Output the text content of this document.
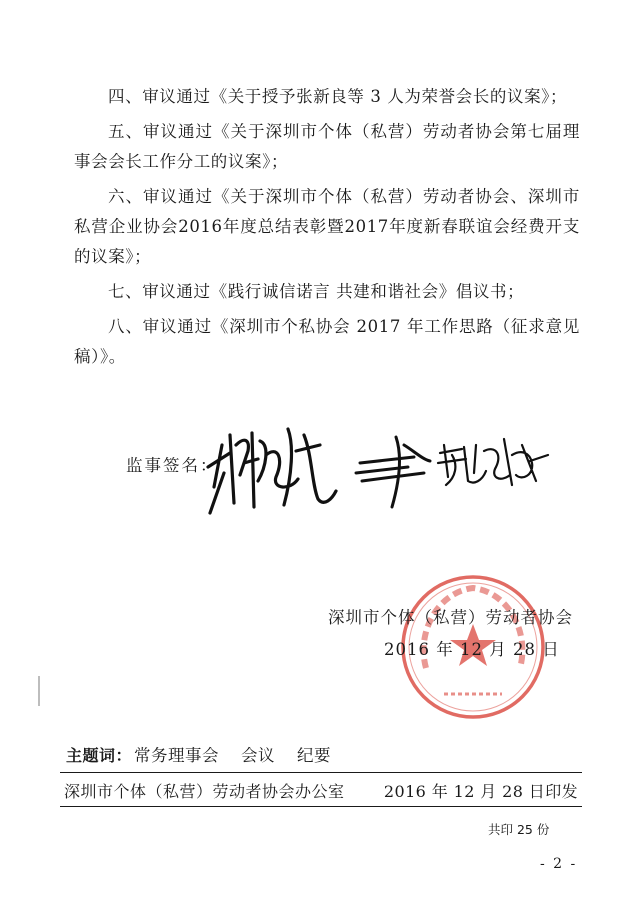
四、审议通过《关于授予张新良等 3 人为荣誉会长的议案》；

五、审议通过《关于深圳市个体（私营）劳动者协会第七届理事会会长工作分工的议案》；

六、审议通过《关于深圳市个体（私营）劳动者协会、深圳市私营企业协会2016年度总结表彰暨2017年度新春联谊会经费开支的议案》；

七、审议通过《践行诚信诺言 共建和谐社会》倡议书；

八、审议通过《深圳市个私协会 2017 年工作思路（征求意见稿）》。

监事签名：
深圳市个体（私营）劳动者协会
2016 年 12 月 28 日
主题词： 常务理事会 会议 纪要
深圳市个体（私营）劳动者协会办公室 2016 年 12 月 28 日印发
共印 25 份
- 2 -
